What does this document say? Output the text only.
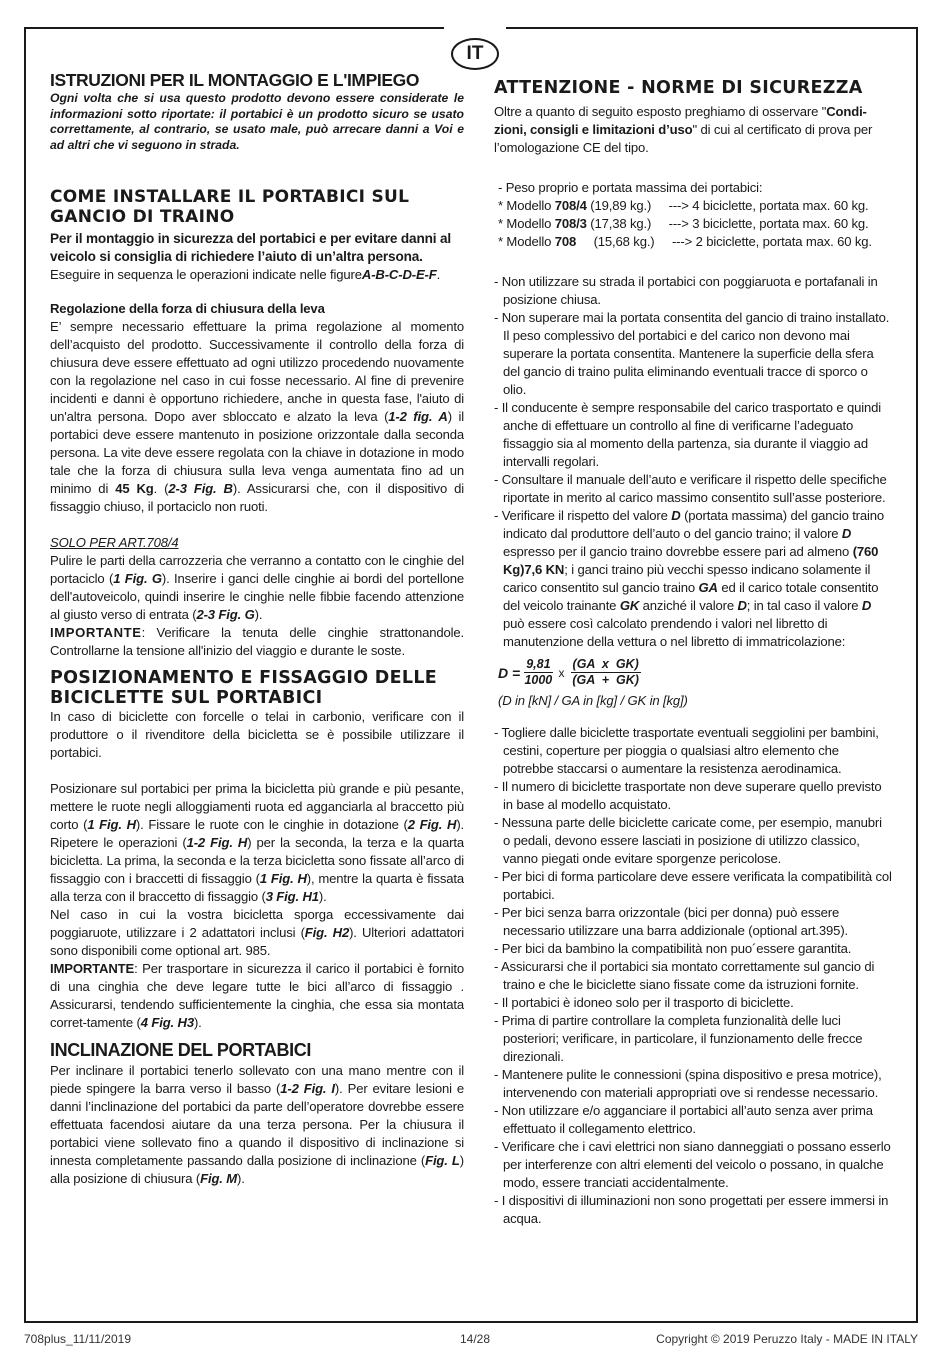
IT
ISTRUZIONI PER IL MONTAGGIO E L'IMPIEGO

Ogni volta che si usa questo prodotto devono essere considerate le informazioni sotto riportate: il portabici è un prodotto sicuro se usato correttamente, al contrario, se usato male, può arrecare danni a Voi e ad altri che vi seguono in strada.

COME INSTALLARE IL PORTABICI SUL GANCIO DI TRAINO

Per il montaggio in sicurezza del portabici e per evitare danni al veicolo si consiglia di richiedere l’aiuto di un’altra persona.

Eseguire in sequenza le operazioni indicate nelle figureA-B-C-D-E-F.

Regolazione della forza di chiusura della leva

E’ sempre necessario effettuare la prima regolazione al momento dell’acquisto del prodotto. Successivamente il controllo della forza di chiusura deve essere effettuato ad ogni utilizzo procedendo nuovamente con la regolazione nel caso in cui fosse necessario. Al fine di prevenire incidenti e danni è opportuno richiedere, anche in questa fase, l'aiuto di un'altra persona. Dopo aver sbloccato e alzato la leva (1-2 fig. A) il portabici deve essere mantenuto in posizione orizzontale dalla seconda persona. La vite deve essere regolata con la chiave in dotazione in modo tale che la forza di chiusura sulla leva venga aumentata fino ad un minimo di 45 Kg. (2-3 Fig. B). Assicurarsi che, con il dispositivo di fissaggio chiuso, il portaciclo non ruoti.

SOLO PER ART.708/4

Pulire le parti della carrozzeria che verranno a contatto con le cinghie del portaciclo (1 Fig. G). Inserire i ganci delle cinghie ai bordi del portellone dell'autoveicolo, quindi inserire le cinghie nelle fibbie facendo attenzione al giusto verso di entrata (2-3 Fig. G).

IMPORTANTE: Verificare la tenuta delle cinghie strattonandole. Controllarne la tensione all'inizio del viaggio e durante le soste.

POSIZIONAMENTO E FISSAGGIO DELLE BICICLETTE SUL PORTABICI

In caso di biciclette con forcelle o telai in carbonio, verificare con il produttore o il rivenditore della bicicletta se è possibile utilizzare il portabici.

Posizionare sul portabici per prima la bicicletta più grande e più pesante, mettere le ruote negli alloggiamenti ruota ed agganciarla al braccetto più corto (1 Fig. H). Fissare le ruote con le cinghie in dotazione (2 Fig. H). Ripetere le operazioni (1-2 Fig. H) per la seconda, la terza e la quarta bicicletta. La prima, la seconda e la terza bicicletta sono fissate all’arco di fissaggio con i braccetti di fissaggio (1 Fig. H), mentre la quarta è fissata alla terza con il braccetto di fissaggio (3 Fig. H1).

Nel caso in cui la vostra bicicletta sporga eccessivamente dai poggiaruote, utilizzare i 2 adattatori inclusi (Fig. H2). Ulteriori adattatori sono disponibili come optional art. 985.

IMPORTANTE: Per trasportare in sicurezza il carico il portabici è fornito di una cinghia che deve legare tutte le bici all’arco di fissaggio . Assicurarsi, tendendo sufficientemente la cinghia, che essa sia montata corret-tamente (4 Fig. H3).

INCLINAZIONE DEL PORTABICI

Per inclinare il portabici tenerlo sollevato con una mano mentre con il piede spingere la barra verso il basso (1-2 Fig. I). Per evitare lesioni e danni l’inclinazione del portabici da parte dell’operatore dovrebbe essere effettuata facendosi aiutare da una terza persona. Per la chiusura il portabici viene sollevato fino a quando il dispositivo di inclinazione si innesta completamente passando dalla posizione di inclinazione (Fig. L) alla posizione di chiusura (Fig. M).

ATTENZIONE - NORME DI SICUREZZA

Oltre a quanto di seguito esposto preghiamo di osservare "Condi-zioni, consigli e limitazioni d’uso" di cui al certificato di prova per l’omologazione CE del tipo.

- Peso proprio e portata massima dei portabici:

* Modello 708/4 (19,89 kg.)     ---> 4 biciclette, portata max. 60 kg.
* Modello 708/3 (17,38 kg.)     ---> 3 biciclette, portata max. 60 kg.
* Modello 708     (15,68 kg.)     ---> 2 biciclette, portata max. 60 kg.
- Non utilizzare su strada il portabici con poggiaruota e portafanali in posizione chiusa.
- Non superare mai la portata consentita del gancio di traino installato. Il peso complessivo del portabici e del carico non devono mai superare la portata consentita. Mantenere la superficie della sfera del gancio di traino pulita eliminando eventuali tracce di sporco o olio.
- Il conducente è sempre responsabile del carico trasportato e quindi anche di effettuare un controllo al fine di verificarne l’adeguato fissaggio sia al momento della partenza, sia durante il viaggio ad intervalli regolari.
- Consultare il manuale dell’auto e verificare il rispetto delle specifiche riportate in merito al carico massimo consentito sull’asse posteriore.
- Verificare il rispetto del valore D (portata massima) del gancio traino indicato dal produttore dell’auto o del gancio traino; il valore D espresso per il gancio traino dovrebbe essere pari ad almeno (760 Kg)7,6 KN; i ganci traino più vecchi spesso indicano solamente il carico consentito sul gancio traino GA ed il carico totale consentito del veicolo trainante GK anziché il valore D; in tal caso il valore D può essere così calcolato prendendo i valori nel libretto di manutenzione della vettura o nel libretto di immatricolazione:
$D = \frac{9,81}{1000}$ x $\frac{\text{(GA  x  GK)}}{(GA + GK)}$

(D in [kN] / GA in [kg] / GK in [kg])

- Togliere dalle biciclette trasportate eventuali seggiolini per bambini, cestini, coperture per pioggia o qualsiasi altro elemento che potrebbe staccarsi o aumentare la resistenza aerodinamica.
- Il numero di biciclette trasportate non deve superare quello previsto in base al modello acquistato.
- Nessuna parte delle biciclette caricate come, per esempio, manubri o pedali, devono essere lasciati in posizione di utilizzo classico, vanno piegati onde evitare sporgenze pericolose.
- Per bici di forma particolare deve essere verificata la compatibilità col portabici.
- Per bici senza barra orizzontale (bici per donna) può essere necessario utilizzare una barra addizionale (optional art.395).
- Per bici da bambino la compatibilità non puo´essere garantita.
- Assicurarsi che il portabici sia montato correttamente sul gancio di traino e che le biciclette siano fissate come da istruzioni fornite.
- Il portabici è idoneo solo per il trasporto di biciclette.
- Prima di partire controllare la completa funzionalità delle luci posteriori; verificare, in particolare, il funzionamento delle frecce direzionali.
- Mantenere pulite le connessioni (spina dispositivo e presa motrice), intervenendo con materiali appropriati ove si rendesse necessario.
- Non utilizzare e/o agganciare il portabici all’auto senza aver prima effettuato il collegamento elettrico.
- Verificare che i cavi elettrici non siano danneggiati o possano esserlo per interferenze con altri elementi del veicolo o possano, in qualche modo, essere tranciati accidentalmente.
- I dispositivi di illuminazioni non sono progettati per essere immersi in acqua.
708plus_11/11/2019	14/28	Copyright © 2019 Peruzzo Italy - MADE IN ITALY
